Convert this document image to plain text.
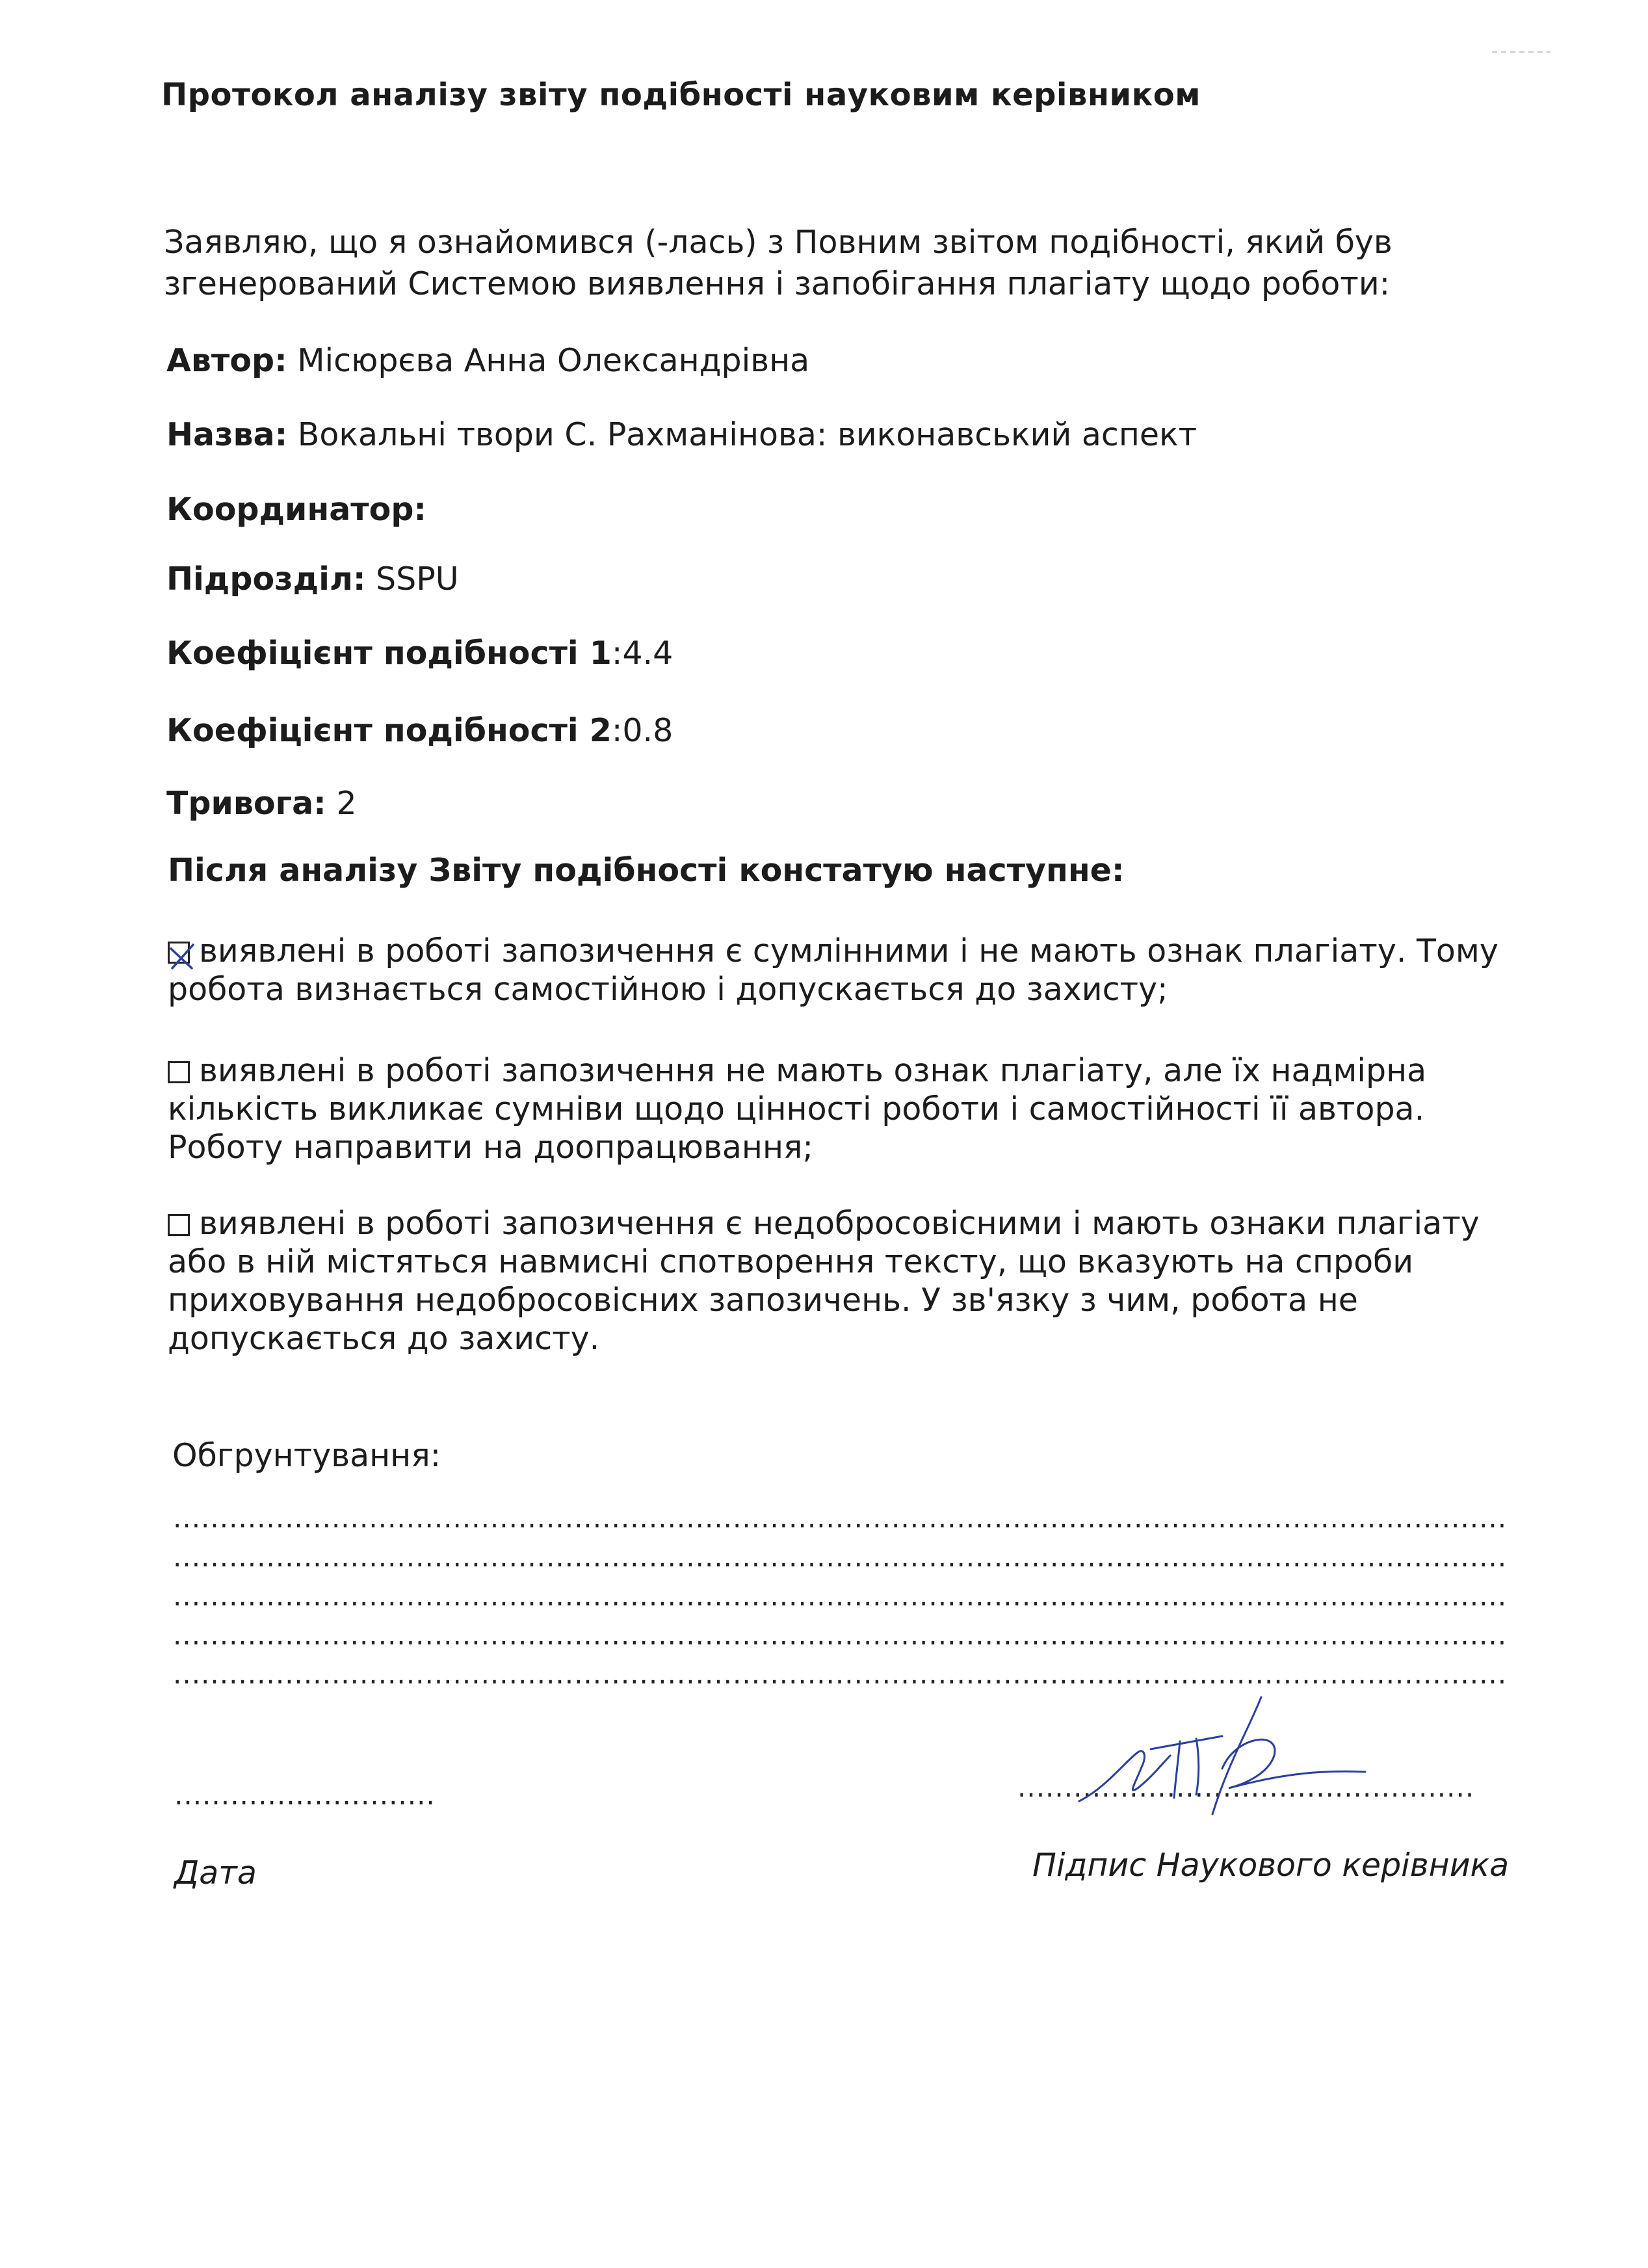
Протокол аналізу звіту подібності науковим керівником
Заявляю, що я ознайомився (-лась) з Повним звітом подібності, який був
згенерований Системою виявлення і запобігання плагіату щодо роботи:
Автор: Місюрєва Анна Олександрівна
Назва: Вокальні твори С. Рахманінова: виконавський аспект
Координатор:
Підрозділ: SSPU
Коефіцієнт подібності 1:4.4
Коефіцієнт подібності 2:0.8
Тривога: 2
Після аналізу Звіту подібності констатую наступне:
виявлені в роботі запозичення є сумлінними і не мають ознак плагіату. Тому
робота визнається самостійною і допускається до захисту;
виявлені в роботі запозичення не мають ознак плагіату, але їх надмірна
кількість викликає сумніви щодо цінності роботи і самостійності її автора.
Роботу направити на доопрацювання;
виявлені в роботі запозичення є недобросовісними і мають ознаки плагіату
або в ній містяться навмисні спотворення тексту, що вказують на спроби
приховування недобросовісних запозичень. У зв'язку з чим, робота не
допускається до захисту.
Обгрунтування:
...............................................................................................................................................
...............................................................................................................................................
...............................................................................................................................................
...............................................................................................................................................
...............................................................................................................................................
............................
Дата
.................................................
Підпис Наукового керівника
